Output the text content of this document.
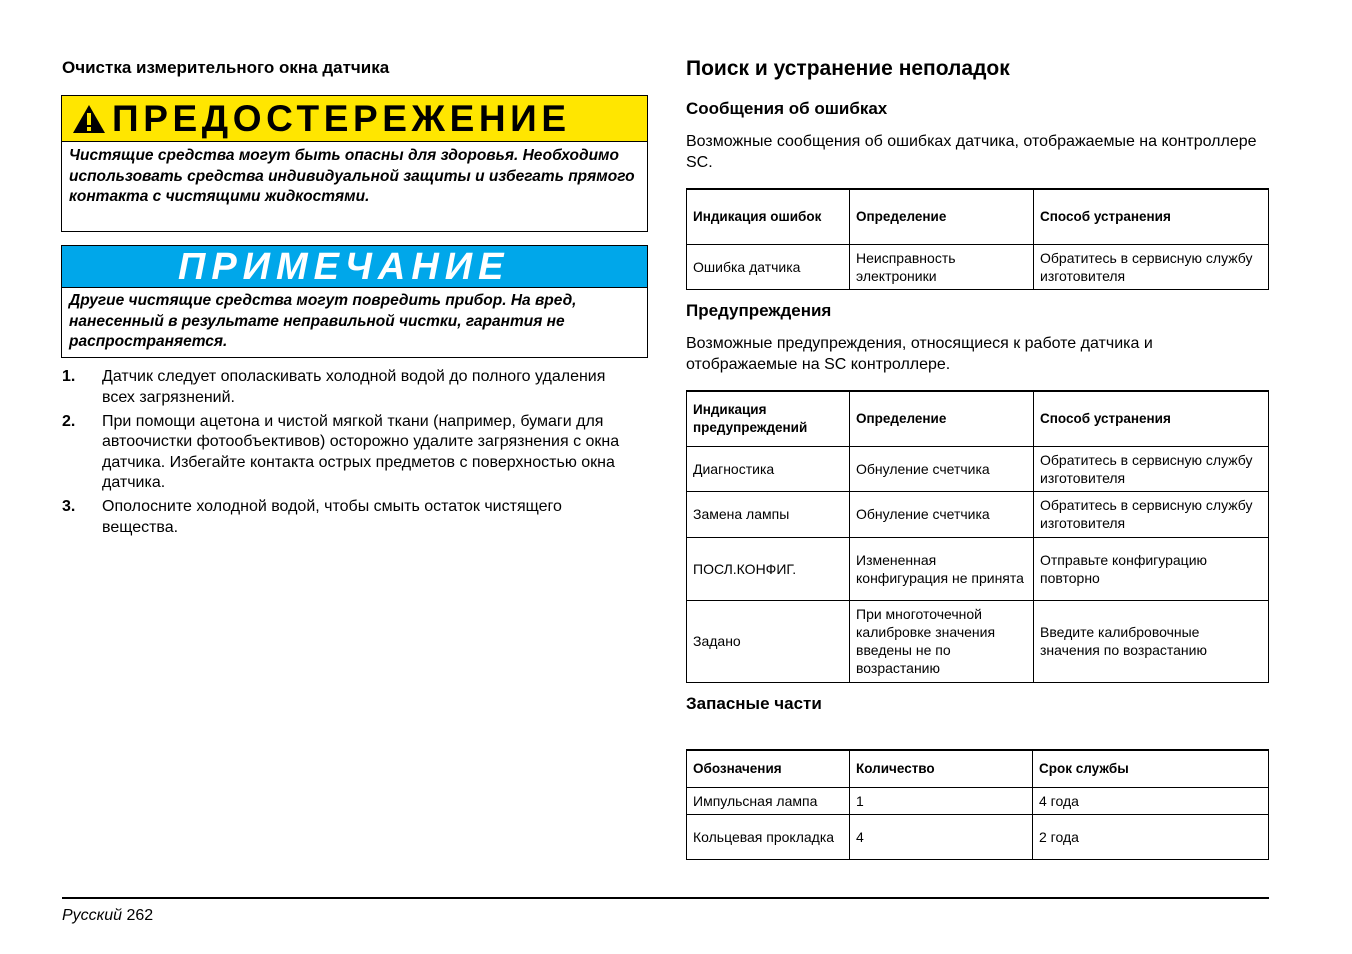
Очистка измерительного окна датчика
ПРЕДОСТЕРЕЖЕНИЕ
Чистящие средства могут быть опасны для здоровья. Необходимо использовать средства индивидуальной защиты и избегать прямого контакта с чистящими жидкостями.
ПРИМЕЧАНИЕ
Другие чистящие средства могут повредить прибор. На вред, нанесенный в результате неправильной чистки, гарантия не распространяется.
1.	Датчик следует ополаскивать холодной водой до полного удаления всех загрязнений.
2.	При помощи ацетона и чистой мягкой ткани (например, бумаги для автоочистки фотообъективов) осторожно удалите загрязнения с окна датчика. Избегайте контакта острых предметов с поверхностью окна датчика.
3.	Ополосните холодной водой, чтобы смыть остаток чистящего вещества.
Поиск и устранение неполадок
Сообщения об ошибках
Возможные сообщения об ошибках датчика, отображаемые на контроллере SC.
Индикация ошибок	Определение	Способ устранения
Ошибка датчика	Неисправность электроники	Обратитесь в сервисную службу изготовителя
Предупреждения
Возможные предупреждения, относящиеся к работе датчика и отображаемые на SC контроллере.
Индикация предупреждений	Определение	Способ устранения
Диагностика	Обнуление счетчика	Обратитесь в сервисную службу изготовителя
Замена лампы	Обнуление счетчика	Обратитесь в сервисную службу изготовителя
ПОСЛ.КОНФИГ.	Измененная конфигурация не принята	Отправьте конфигурацию повторно
Задано	При многоточечной калибровке значения введены не по возрастанию	Введите калибровочные значения по возрастанию
Запасные части
Обозначения	Количество	Срок службы
Импульсная лампа	1	4 года
Кольцевая прокладка	4	2 года
Русский 262
